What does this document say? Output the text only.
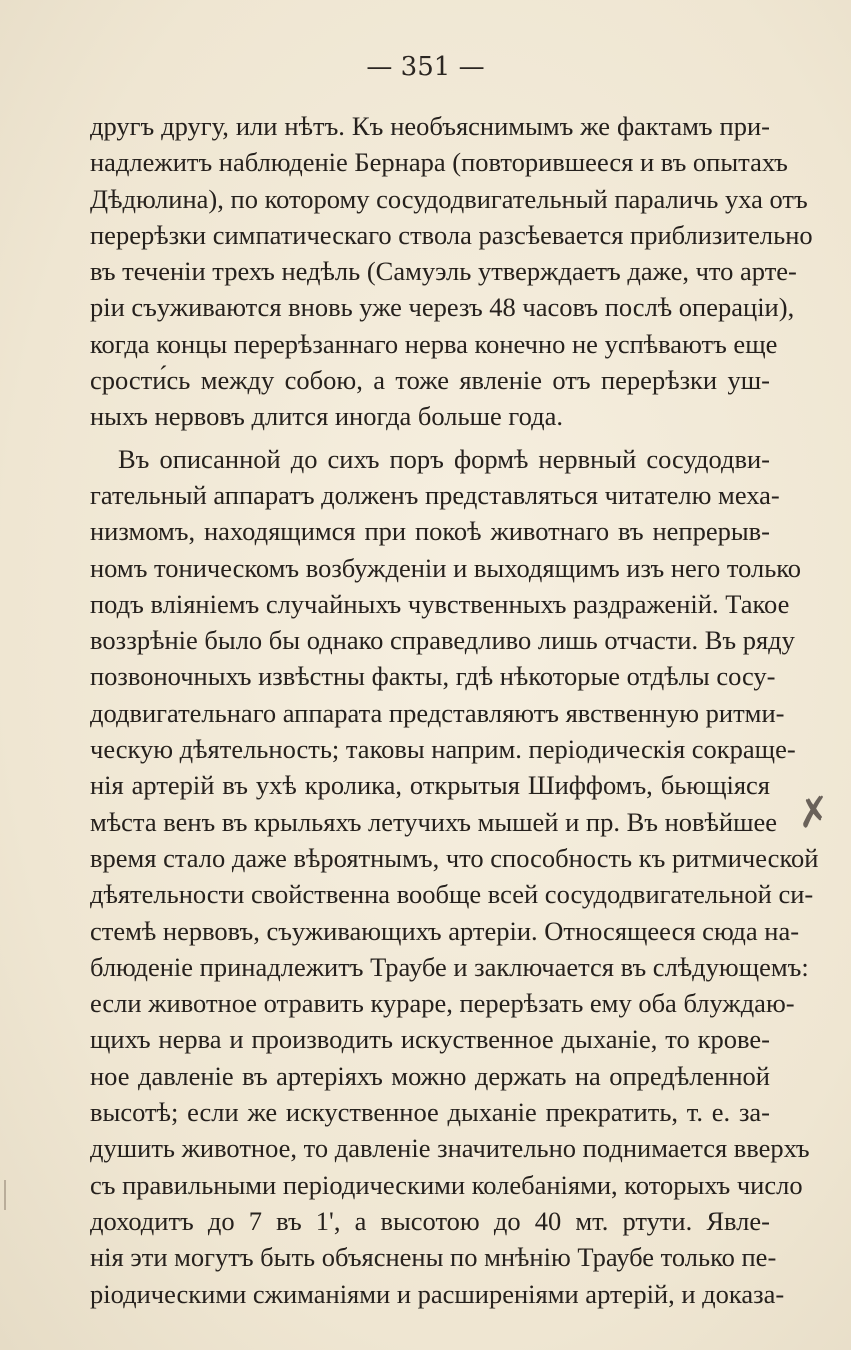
— 351 —
другъ другу, или нѣтъ. Къ необъяснимымъ же фактамъ при-
надлежитъ наблюденіе Бернара (повторившееся и въ опытахъ
Дѣдюлина), по которому сосудодвигательный параличь уха отъ
перерѣзки симпатическаго ствола разсѣевается приблизительно
въ теченіи трехъ недѣль (Самуэль утверждаетъ даже, что арте-
ріи съуживаются вновь уже черезъ 48 часовъ послѣ операціи),
когда концы перерѣзаннаго нерва конечно не успѣваютъ еще
срости́сь между собою, а тоже явленіе отъ перерѣзки уш-
ныхъ нервовъ длится иногда больше года.
Въ описанной до сихъ поръ формѣ нервный сосудодви-
гательный аппаратъ долженъ представляться читателю меха-
низмомъ, находящимся при покоѣ животнаго въ непрерыв-
номъ тоническомъ возбужденіи и выходящимъ изъ него только
подъ вліяніемъ случайныхъ чувственныхъ раздраженій. Такое
воззрѣніе было бы однако справедливо лишь отчасти. Въ ряду
позвоночныхъ извѣстны факты, гдѣ нѣкоторые отдѣлы сосу-
додвигательнаго аппарата представляютъ явственную ритми-
ческую дѣятельность; таковы наприм. періодическія сокраще-
нія артерій въ ухѣ кролика, открытыя Шиффомъ, бьющіяся
мѣста венъ въ крыльяхъ летучихъ мышей и пр. Въ новѣйшее
время стало даже вѣроятнымъ, что способность къ ритмической
дѣятельности свойственна вообще всей сосудодвигательной си-
стемѣ нервовъ, съуживающихъ артеріи. Относящееся сюда на-
блюденіе принадлежитъ Траубе и заключается въ слѣдующемъ:
если животное отравить кураре, перерѣзать ему оба блуждаю-
щихъ нерва и производить искуственное дыханіе, то крове-
ное давленіе въ артеріяхъ можно держать на опредѣленной
высотѣ; если же искуственное дыханіе прекратить, т. е. за-
душить животное, то давленіе значительно поднимается вверхъ
съ правильными періодическими колебаніями, которыхъ число
доходитъ до 7 въ 1', а высотою до 40 мт. ртути. Явле-
нія эти могутъ быть объяснены по мнѣнію Траубе только пе-
ріодическими сжиманіями и расширеніями артерій, и доказа-
✗
